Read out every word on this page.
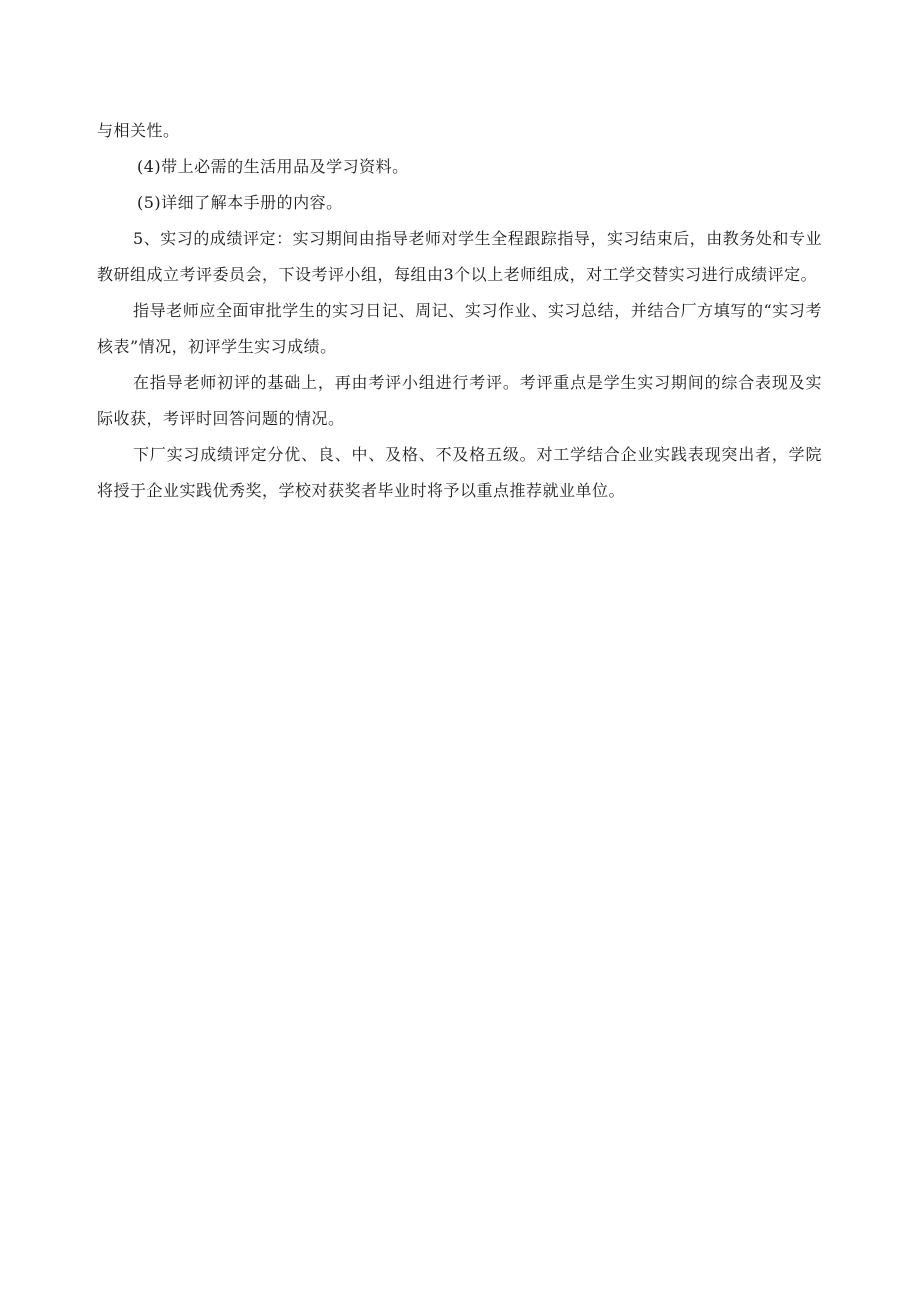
与相关性。

(4)带上必需的生活用品及学习资料。

(5)详细了解本手册的内容。

5、实习的成绩评定：实习期间由指导老师对学生全程跟踪指导，实习结束后，由教务处和专业教研组成立考评委员会，下设考评小组，每组由3个以上老师组成，对工学交替实习进行成绩评定。

指导老师应全面审批学生的实习日记、周记、实习作业、实习总结，并结合厂方填写的“实习考核表”情况，初评学生实习成绩。

在指导老师初评的基础上，再由考评小组进行考评。考评重点是学生实习期间的综合表现及实际收获，考评时回答问题的情况。

下厂实习成绩评定分优、良、中、及格、不及格五级。对工学结合企业实践表现突出者，学院将授于企业实践优秀奖，学校对获奖者毕业时将予以重点推荐就业单位。
